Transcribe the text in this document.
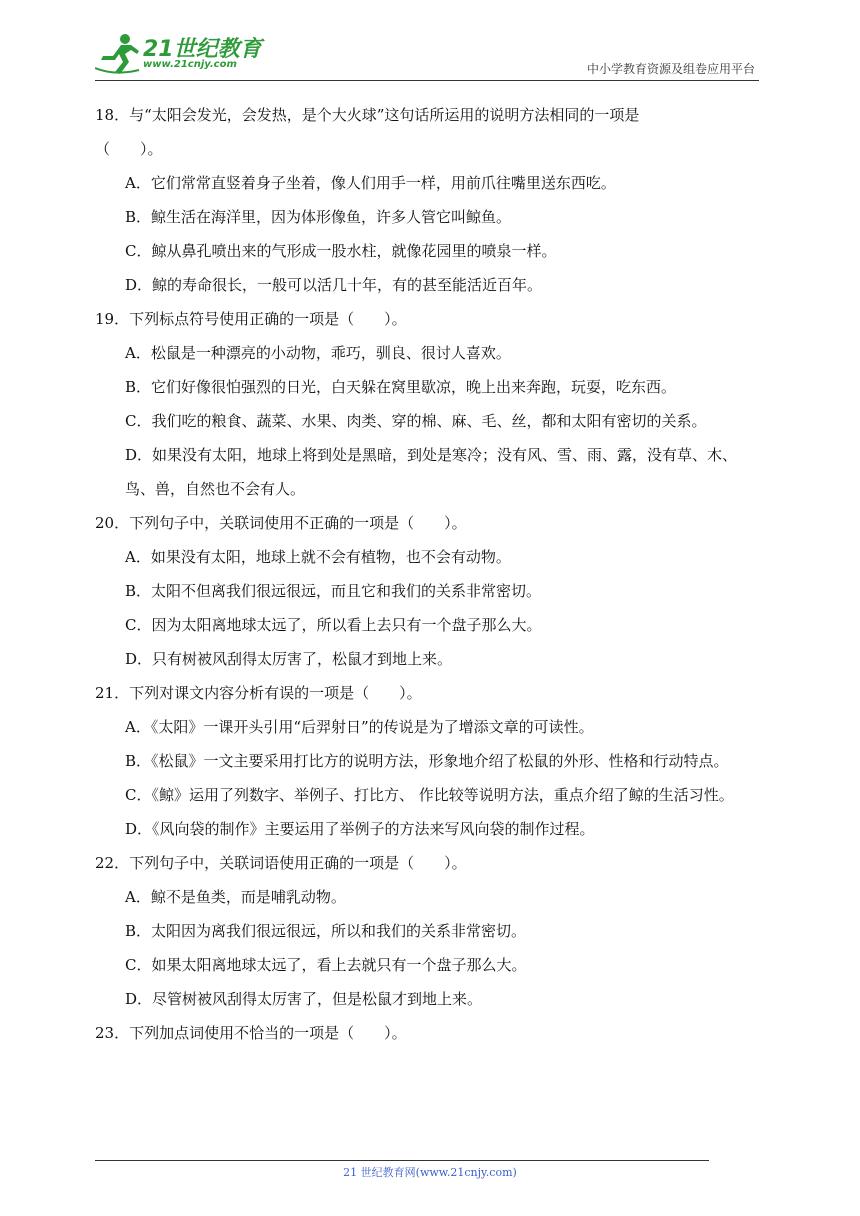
21世纪教育
www.21cnjy.com	中小学教育资源及组卷应用平台
18．与“太阳会发光，会发热，是个大火球”这句话所运用的说明方法相同的一项是
（　　）。
A．它们常常直竖着身子坐着，像人们用手一样，用前爪往嘴里送东西吃。
B．鲸生活在海洋里，因为体形像鱼，许多人管它叫鲸鱼。
C．鲸从鼻孔喷出来的气形成一股水柱，就像花园里的喷泉一样。
D．鲸的寿命很长，一般可以活几十年，有的甚至能活近百年。
19．下列标点符号使用正确的一项是（　　）。
A．松鼠是一种漂亮的小动物，乖巧，驯良、很讨人喜欢。
B．它们好像很怕强烈的日光，白天躲在窝里歇凉，晚上出来奔跑，玩耍，吃东西。
C．我们吃的粮食、蔬菜、水果、肉类、穿的棉、麻、毛、丝，都和太阳有密切的关系。
D．如果没有太阳，地球上将到处是黑暗，到处是寒冷；没有风、雪、雨、露，没有草、木、鸟、兽，自然也不会有人。
20．下列句子中，关联词使用不正确的一项是（　　）。
A．如果没有太阳，地球上就不会有植物，也不会有动物。
B．太阳不但离我们很远很远，而且它和我们的关系非常密切。
C．因为太阳离地球太远了，所以看上去只有一个盘子那么大。
D．只有树被风刮得太厉害了，松鼠才到地上来。
21．下列对课文内容分析有误的一项是（　　）。
A．《太阳》一课开头引用“后羿射日”的传说是为了增添文章的可读性。
B．《松鼠》一文主要采用打比方的说明方法，形象地介绍了松鼠的外形、性格和行动特点。
C．《鲸》运用了列数字、举例子、打比方、 作比较等说明方法，重点介绍了鲸的生活习性。
D．《风向袋的制作》主要运用了举例子的方法来写风向袋的制作过程。
22．下列句子中，关联词语使用正确的一项是（　　）。
A．鲸不是鱼类，而是哺乳动物。
B．太阳因为离我们很远很远，所以和我们的关系非常密切。
C．如果太阳离地球太远了，看上去就只有一个盘子那么大。
D．尽管树被风刮得太厉害了，但是松鼠才到地上来。
23．下列加点词使用不恰当的一项是（　　）。
21 世纪教育网(www.21cnjy.com)
